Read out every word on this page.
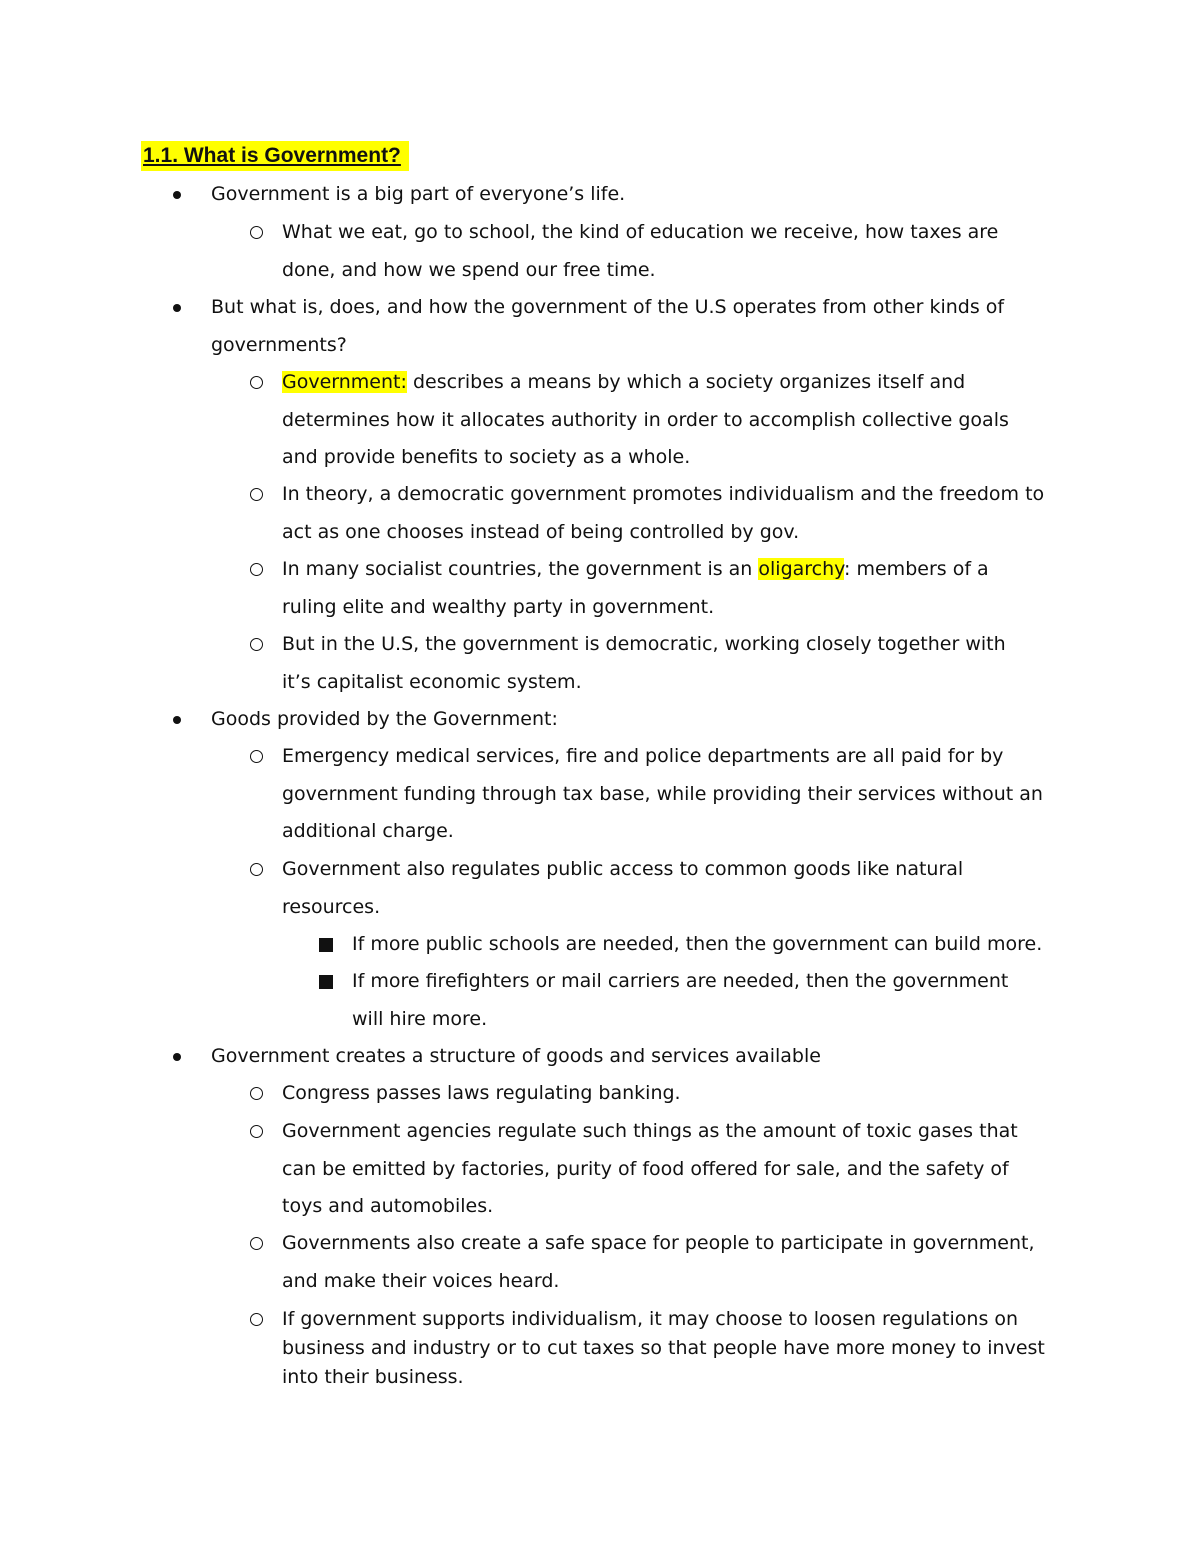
1.1. What is Government?
Government is a big part of everyone’s life.
What we eat, go to school, the kind of education we receive, how taxes are
done, and how we spend our free time.
But what is, does, and how the government of the U.S operates from other kinds of
governments?
Government: describes a means by which a society organizes itself and
determines how it allocates authority in order to accomplish collective goals
and provide benefits to society as a whole.
In theory, a democratic government promotes individualism and the freedom to
act as one chooses instead of being controlled by gov.
In many socialist countries, the government is an oligarchy: members of a
ruling elite and wealthy party in government.
But in the U.S, the government is democratic, working closely together with
it’s capitalist economic system.
Goods provided by the Government:
Emergency medical services, fire and police departments are all paid for by
government funding through tax base, while providing their services without an
additional charge.
Government also regulates public access to common goods like natural
resources.
If more public schools are needed, then the government can build more.
If more firefighters or mail carriers are needed, then the government
will hire more.
Government creates a structure of goods and services available
Congress passes laws regulating banking.
Government agencies regulate such things as the amount of toxic gases that
can be emitted by factories, purity of food offered for sale, and the safety of
toys and automobiles.
Governments also create a safe space for people to participate in government,
and make their voices heard.
If government supports individualism, it may choose to loosen regulations on
business and industry or to cut taxes so that people have more money to invest
into their business.
